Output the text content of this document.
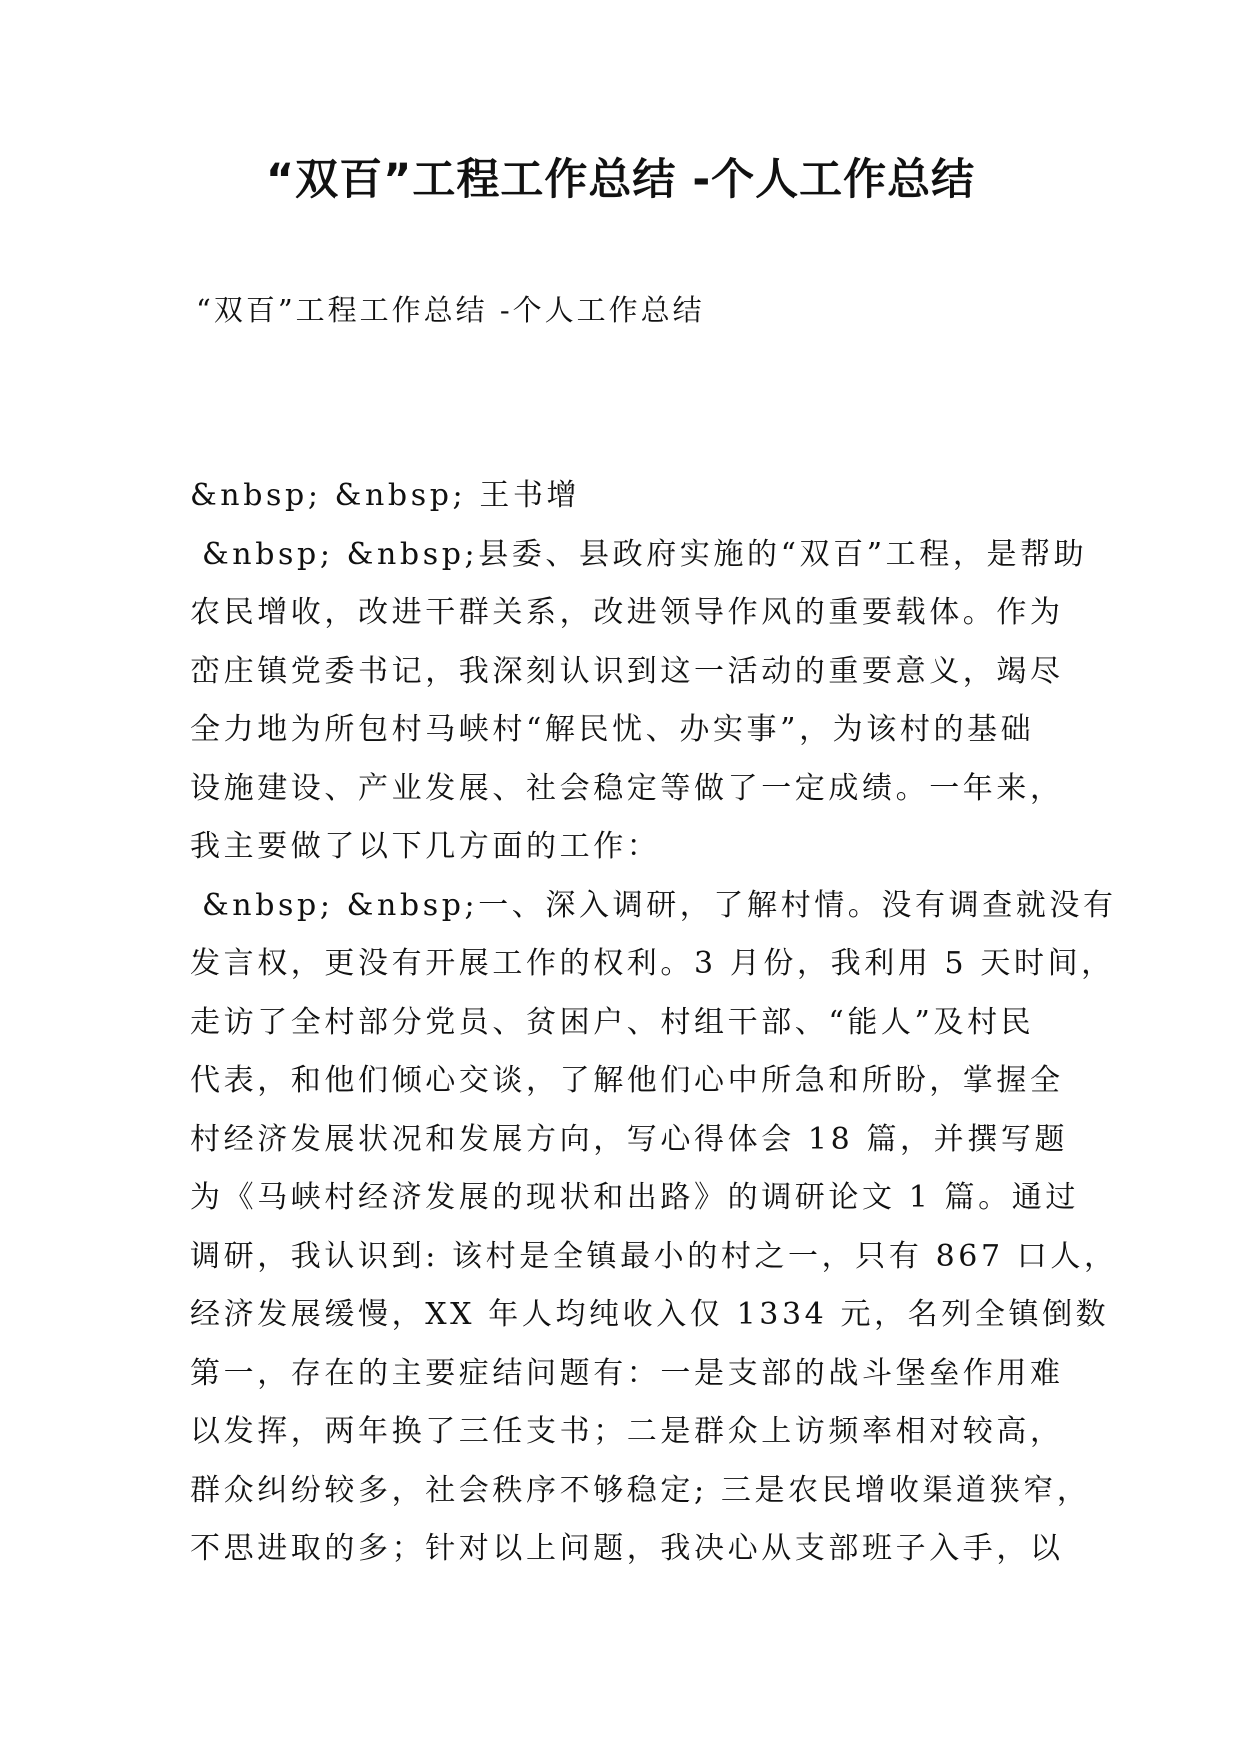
“双百”工程工作总结 -个人工作总结

“双百”工程工作总结 -个人工作总结

&nbsp; &nbsp; 王书增
&nbsp; &nbsp;县委、县政府实施的“双百”工程，是帮助
农民增收，改进干群关系，改进领导作风的重要载体。作为
峦庄镇党委书记，我深刻认识到这一活动的重要意义，竭尽
全力地为所包村马峡村“解民忧、办实事”，为该村的基础
设施建设、产业发展、社会稳定等做了一定成绩。一年来，
我主要做了以下几方面的工作：
&nbsp; &nbsp;一、深入调研，了解村情。没有调查就没有
发言权，更没有开展工作的权利。3 月份，我利用 5 天时间，
走访了全村部分党员、贫困户、村组干部、“能人”及村民
代表，和他们倾心交谈，了解他们心中所急和所盼，掌握全
村经济发展状况和发展方向，写心得体会 18 篇，并撰写题
为《马峡村经济发展的现状和出路》的调研论文 1 篇。通过
调研，我认识到: 该村是全镇最小的村之一，只有 867 口人，
经济发展缓慢，XX 年人均纯收入仅 1334 元，名列全镇倒数
第一，存在的主要症结问题有：一是支部的战斗堡垒作用难
以发挥，两年换了三任支书；二是群众上访频率相对较高，
群众纠纷较多，社会秩序不够稳定; 三是农民增收渠道狭窄，
不思进取的多；针对以上问题，我决心从支部班子入手，以
